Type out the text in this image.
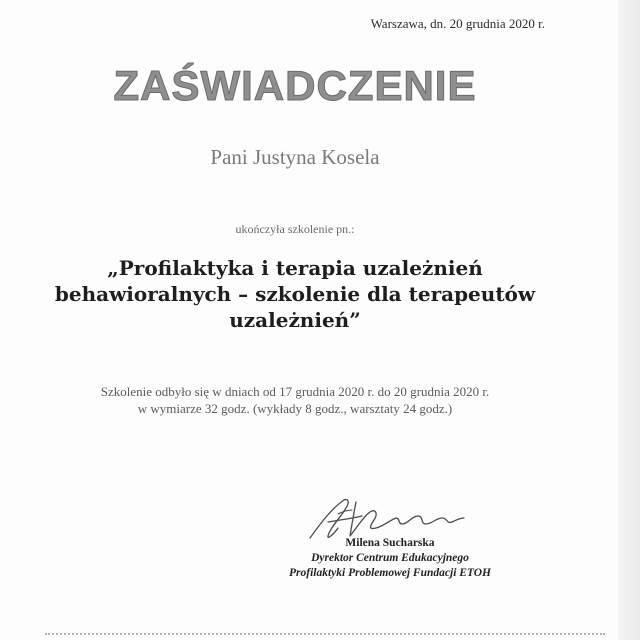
Warszawa, dn. 20 grudnia 2020 r.
ZAŚWIADCZENIE
Pani Justyna Kosela
ukończyła szkolenie pn.:
„Profilaktyka i terapia uzależnień
behawioralnych – szkolenie dla terapeutów
uzależnień”
Szkolenie odbyło się w dniach od 17 grudnia 2020 r. do 20 grudnia 2020 r.
w wymiarze 32 godz. (wykłady 8 godz., warsztaty 24 godz.)
Milena Sucharska
Dyrektor Centrum Edukacyjnego
Profilaktyki Problemowej Fundacji ETOH
